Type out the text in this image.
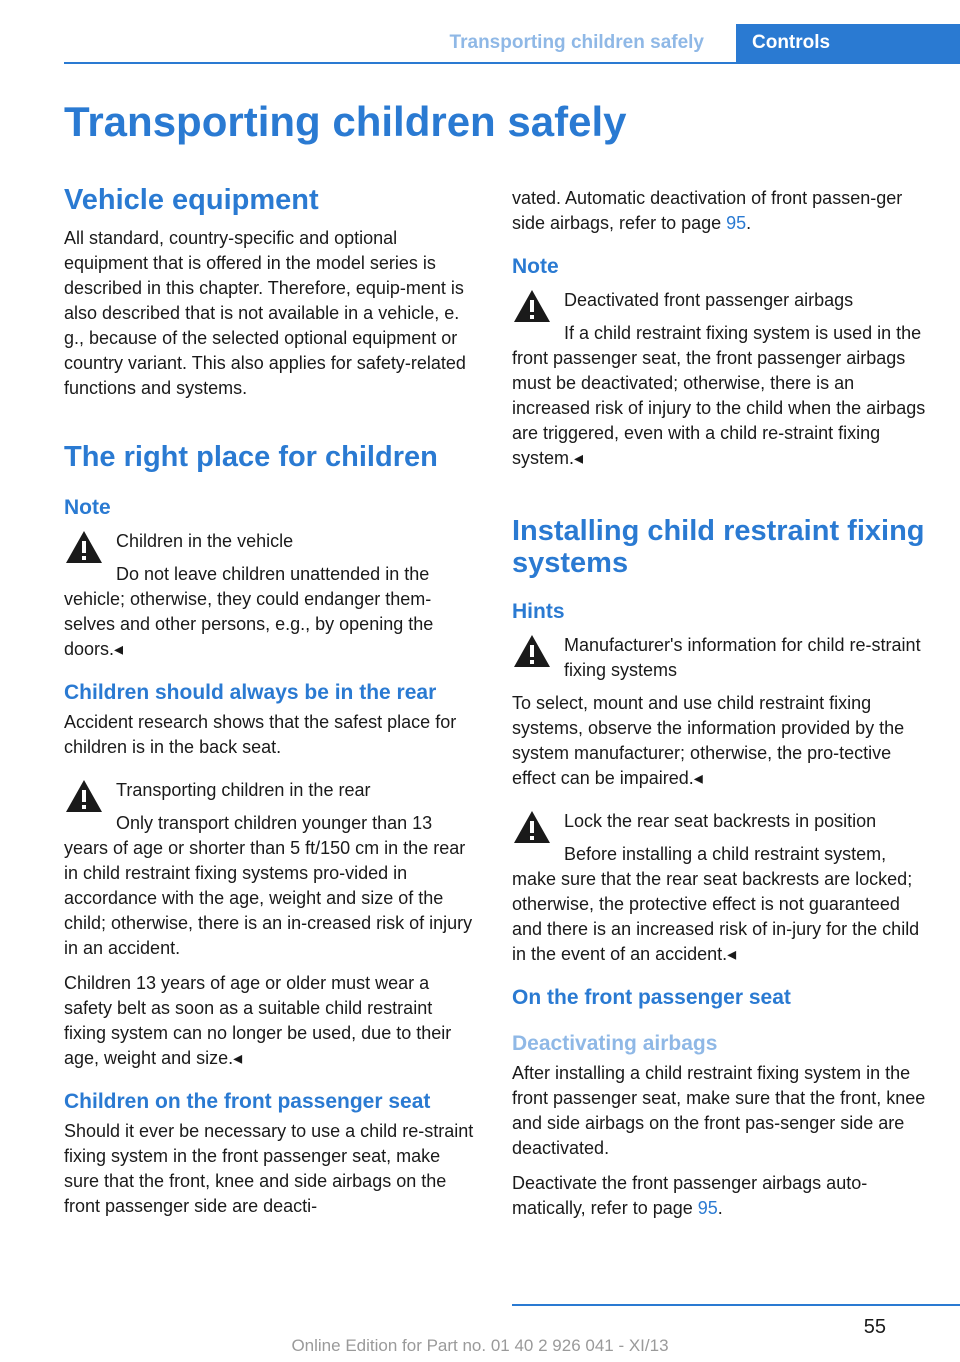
Transporting children safely	Controls
Transporting children safely
Vehicle equipment

All standard, country-specific and optional equipment that is offered in the model series is described in this chapter. Therefore, equip-ment is also described that is not available in a vehicle, e. g., because of the selected optional equipment or country variant. This also applies for safety-related functions and systems.

The right place for children
Note
Children in the vehicle
Do not leave children unattended in the vehicle; otherwise, they could endanger them-selves and other persons, e.g., by opening the doors.◂
Children should always be in the rear

Accident research shows that the safest place for children is in the back seat.

Transporting children in the rear
Only transport children younger than 13 years of age or shorter than 5 ft/150 cm in the rear in child restraint fixing systems pro-vided in accordance with the age, weight and size of the child; otherwise, there is an in-creased risk of injury in an accident.

Children 13 years of age or older must wear a safety belt as soon as a suitable child restraint fixing system can no longer be used, due to their age, weight and size.◂

Children on the front passenger seat

Should it ever be necessary to use a child re-straint fixing system in the front passenger seat, make sure that the front, knee and side airbags on the front passenger side are deacti-

vated. Automatic deactivation of front passen-ger side airbags, refer to page 95.

Note
Deactivated front passenger airbags
If a child restraint fixing system is used in the front passenger seat, the front passenger airbags must be deactivated; otherwise, there is an increased risk of injury to the child when the airbags are triggered, even with a child re-straint fixing system.◂
Installing child restraint fixing systems
Hints
Manufacturer's information for child re-straint fixing systems
To select, mount and use child restraint fixing systems, observe the information provided by the system manufacturer; otherwise, the pro-tective effect can be impaired.◂
Lock the rear seat backrests in position
Before installing a child restraint system, make sure that the rear seat backrests are locked; otherwise, the protective effect is not guaranteed and there is an increased risk of in-jury for the child in the event of an accident.◂
On the front passenger seat
Deactivating airbags

After installing a child restraint fixing system in the front passenger seat, make sure that the front, knee and side airbags on the front pas-senger side are deactivated.

Deactivate the front passenger airbags auto-matically, refer to page 95.

55
Online Edition for Part no. 01 40 2 926 041 - XI/13
